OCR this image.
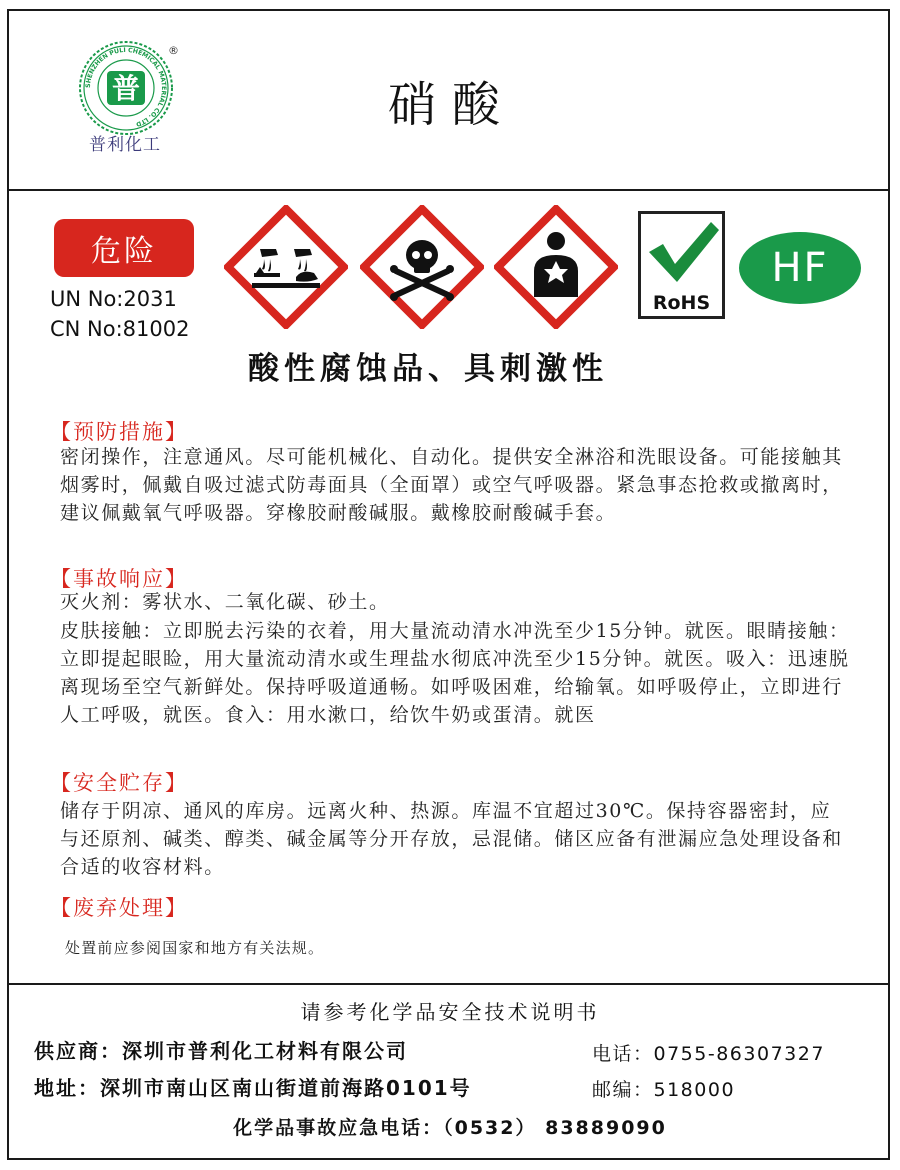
SHENZHEN PULI CHEMICAL MATERIAL CO. LTD
普
®
普利化工
硝酸
危险
UN No:2031
CN No:81002
RoHS
HF
酸性腐蚀品、具刺激性
【预防措施】

密闭操作，注意通风。尽可能机械化、自动化。提供安全淋浴和洗眼设备。可能接触其烟雾时，佩戴自吸过滤式防毒面具（全面罩）或空气呼吸器。紧急事态抢救或撤离时，建议佩戴氧气呼吸器。穿橡胶耐酸碱服。戴橡胶耐酸碱手套。

【事故响应】

灭火剂：雾状水、二氧化碳、砂土。

皮肤接触：立即脱去污染的衣着，用大量流动清水冲洗至少15分钟。就医。眼睛接触：立即提起眼睑，用大量流动清水或生理盐水彻底冲洗至少15分钟。就医。吸入：迅速脱离现场至空气新鲜处。保持呼吸道通畅。如呼吸困难，给输氧。如呼吸停止，立即进行人工呼吸，就医。食入：用水漱口，给饮牛奶或蛋清。就医

【安全贮存】

储存于阴凉、通风的库房。远离火种、热源。库温不宜超过30℃。保持容器密封，应与还原剂、碱类、醇类、碱金属等分开存放，忌混储。储区应备有泄漏应急处理设备和合适的收容材料。

【废弃处理】
处置前应参阅国家和地方有关法规。
请参考化学品安全技术说明书
供应商：深圳市普利化工材料有限公司	电话：0755-86307327
地址：深圳市南山区南山街道前海路0101号	邮编：518000
化学品事故应急电话：（0532） 83889090
